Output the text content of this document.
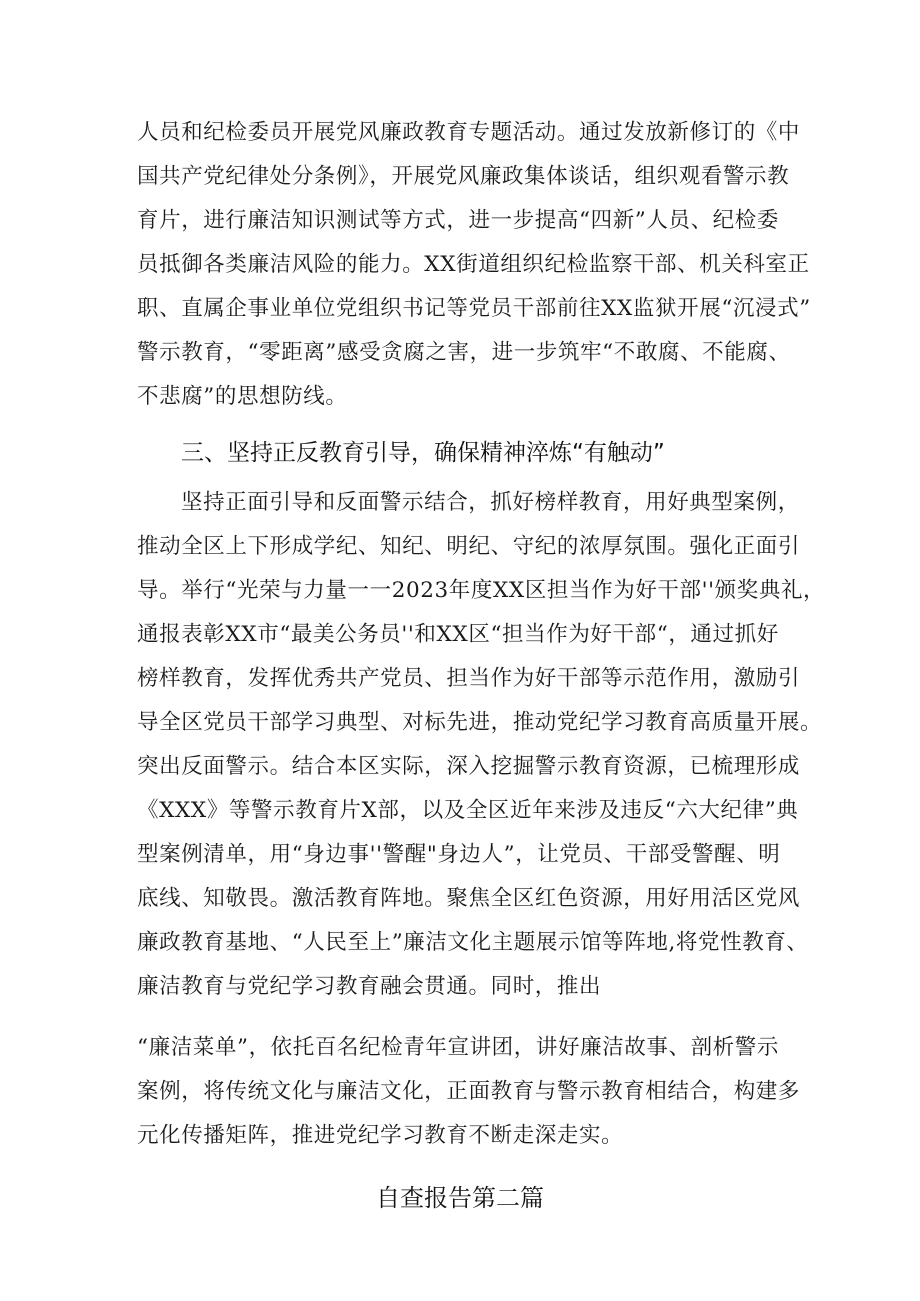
人员和纪检委员开展党风廉政教育专题活动。通过发放新修订的《中
国共产党纪律处分条例》，开展党风廉政集体谈话，组织观看警示教
育片，进行廉洁知识测试等方式，进一步提高“四新”人员、纪检委
员抵御各类廉洁风险的能力。XX街道组织纪检监察干部、机关科室正
职、直属企事业单位党组织书记等党员干部前往XX监狱开展“沉浸式”
警示教育，“零距离”感受贪腐之害，进一步筑牢“不敢腐、不能腐、
不悲腐”的思想防线。
三、坚持正反教育引导，确保精神淬炼“有触动”
坚持正面引导和反面警示结合，抓好榜样教育，用好典型案例，
推动全区上下形成学纪、知纪、明纪、守纪的浓厚氛围。强化正面引
导。举行“光荣与力量一一2023年度XX区担当作为好干部''颁奖典礼，
通报表彰XX市“最美公务员''和XX区“担当作为好干部“，通过抓好
榜样教育，发挥优秀共产党员、担当作为好干部等示范作用，激励引
导全区党员干部学习典型、对标先进，推动党纪学习教育高质量开展。
突出反面警示。结合本区实际，深入挖掘警示教育资源，已梳理形成
《XXX》等警示教育片X部，以及全区近年来涉及违反“六大纪律”典
型案例清单，用“身边事''警醒"身边人”，让党员、干部受警醒、明
底线、知敬畏。激活教育阵地。聚焦全区红色资源，用好用活区党风
廉政教育基地、“人民至上”廉洁文化主题展示馆等阵地,将党性教育、
廉洁教育与党纪学习教育融会贯通。同时，推出
“廉洁菜单”，依托百名纪检青年宣讲团，讲好廉洁故事、剖析警示
案例，将传统文化与廉洁文化，正面教育与警示教育相结合，构建多
元化传播矩阵，推进党纪学习教育不断走深走实。
自查报告第二篇
